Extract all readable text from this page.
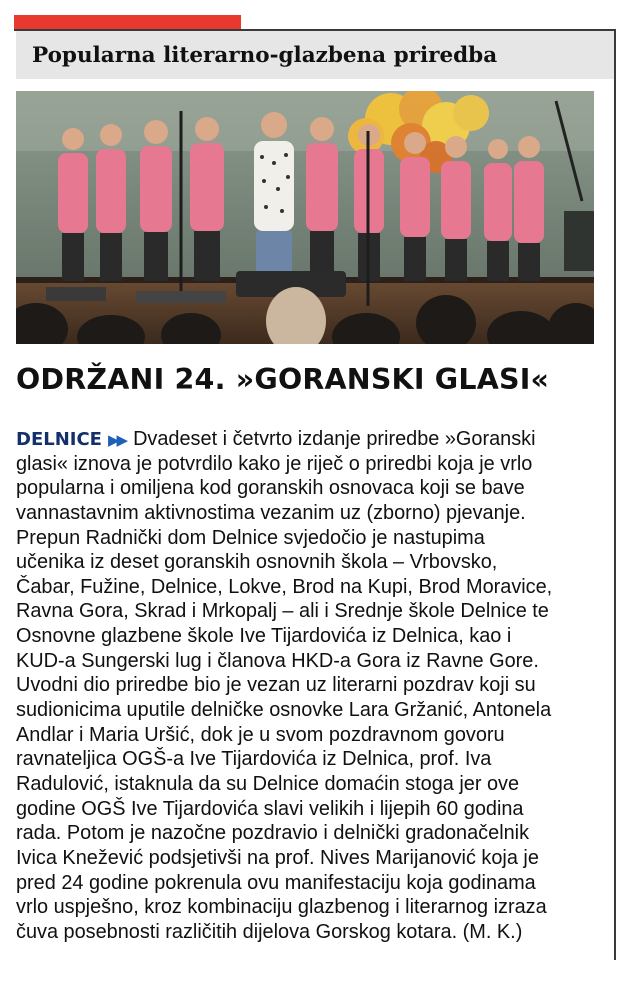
Popularna literarno-glazbena priredba
ODRŽANI 24. »GORANSKI GLASI«
DELNICE ▶▶ Dvadeset i četvrto izdanje priredbe »Goranski
glasi« iznova je potvrdilo kako je riječ o priredbi koja je vrlo
popularna i omiljena kod goranskih osnovaca koji se bave
vannastavnim aktivnostima vezanim uz (zborno) pjevanje.
Prepun Radnički dom Delnice svjedočio je nastupima
učenika iz deset goranskih osnovnih škola – Vrbovsko,
Čabar, Fužine, Delnice, Lokve, Brod na Kupi, Brod Moravice,
Ravna Gora, Skrad i Mrkopalj – ali i Srednje škole Delnice te
Osnovne glazbene škole Ive Tijardovića iz Delnica, kao i
KUD-a Sungerski lug i članova HKD-a Gora iz Ravne Gore.
Uvodni dio priredbe bio je vezan uz literarni pozdrav koji su
sudionicima uputile delničke osnovke Lara Gržanić, Antonela
Andlar i Maria Uršić, dok je u svom pozdravnom govoru
ravnateljica OGŠ-a Ive Tijardovića iz Delnica, prof. Iva
Radulović, istaknula da su Delnice domaćin stoga jer ove
godine OGŠ Ive Tijardovića slavi velikih i lijepih 60 godina
rada. Potom je nazočne pozdravio i delnički gradonačelnik
Ivica Knežević podsjetivši na prof. Nives Marijanović koja je
pred 24 godine pokrenula ovu manifestaciju koja godinama
vrlo uspješno, kroz kombinaciju glazbenog i literarnog izraza
čuva posebnosti različitih dijelova Gorskog kotara. (M. K.)
